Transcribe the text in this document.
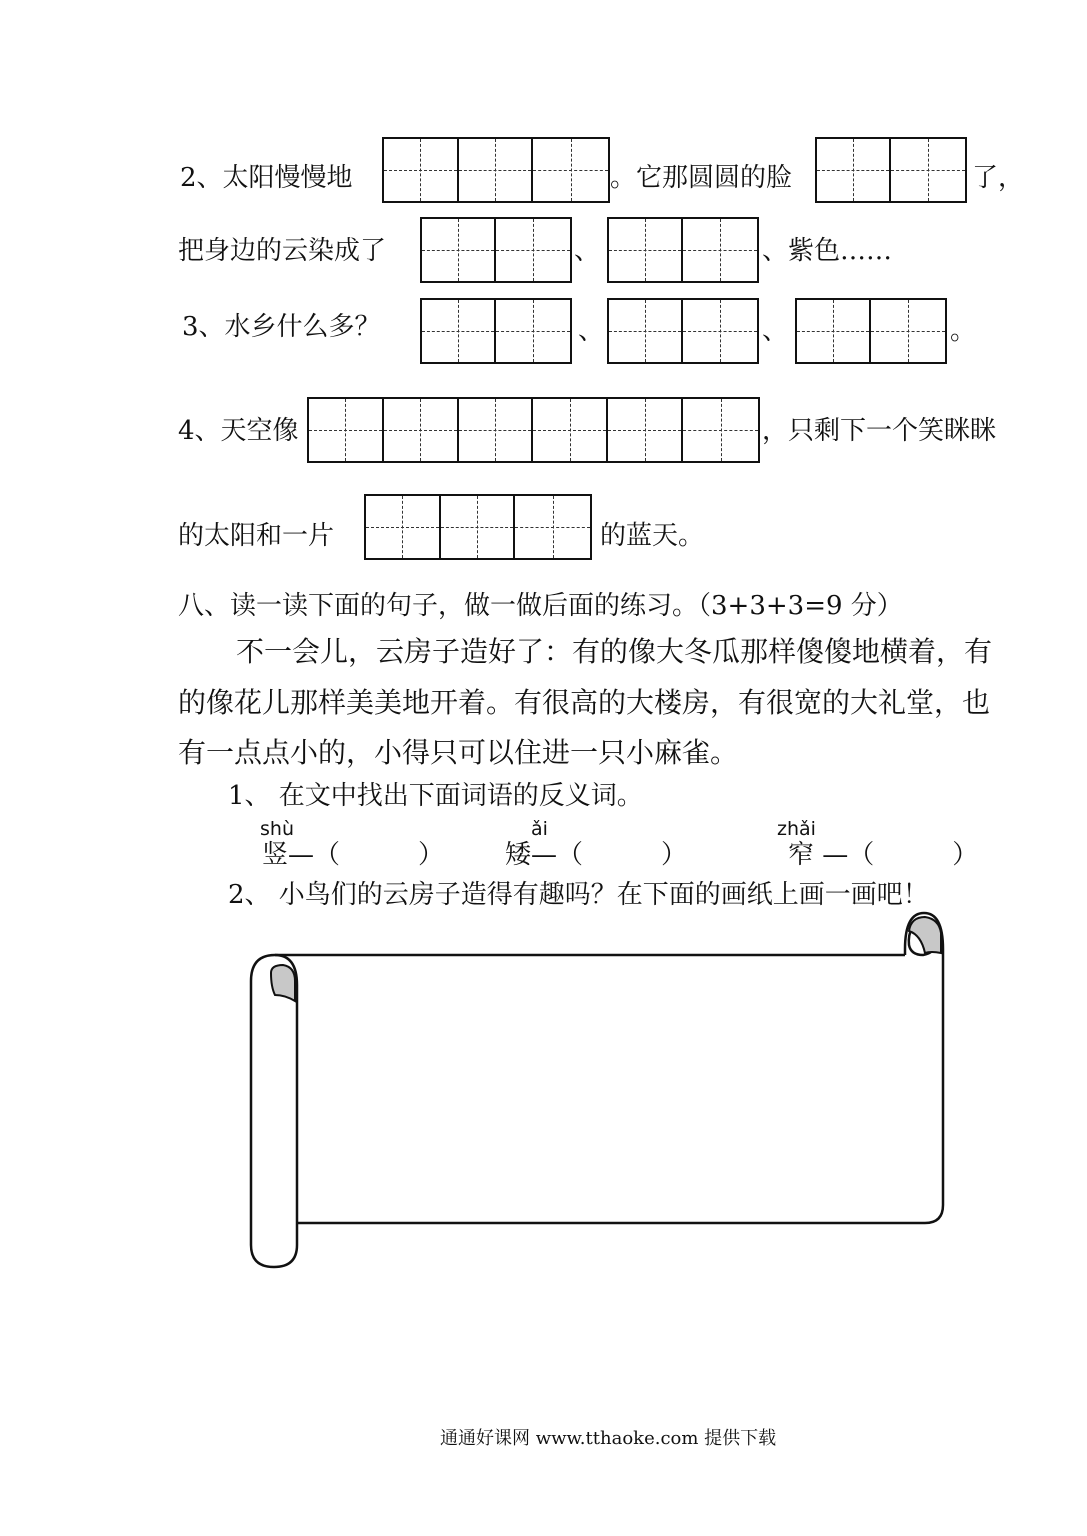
2、太阳慢慢地	。它那圆圆的脸	了，
把身边的云染成了	、	、紫色……
3、水乡什么多？	、	、	。
4、天空像	，只剩下一个笑眯眯
的太阳和一片	的蓝天。
八、读一读下面的句子，做一做后面的练习。（3+3+3=9 分）
不一会儿，云房子造好了：有的像大冬瓜那样傻傻地横着，有
的像花儿那样美美地开着。有很高的大楼房，有很宽的大礼堂，也
有一点点小的，小得只可以住进一只小麻雀。
1、 在文中找出下面词语的反义词。
shù
竖—（　　　）
ǎi
矮—（　　　）
zhǎi
窄 —（　　　）
2、 小鸟们的云房子造得有趣吗？在下面的画纸上画一画吧！
通通好课网 www.tthaoke.com 提供下载
